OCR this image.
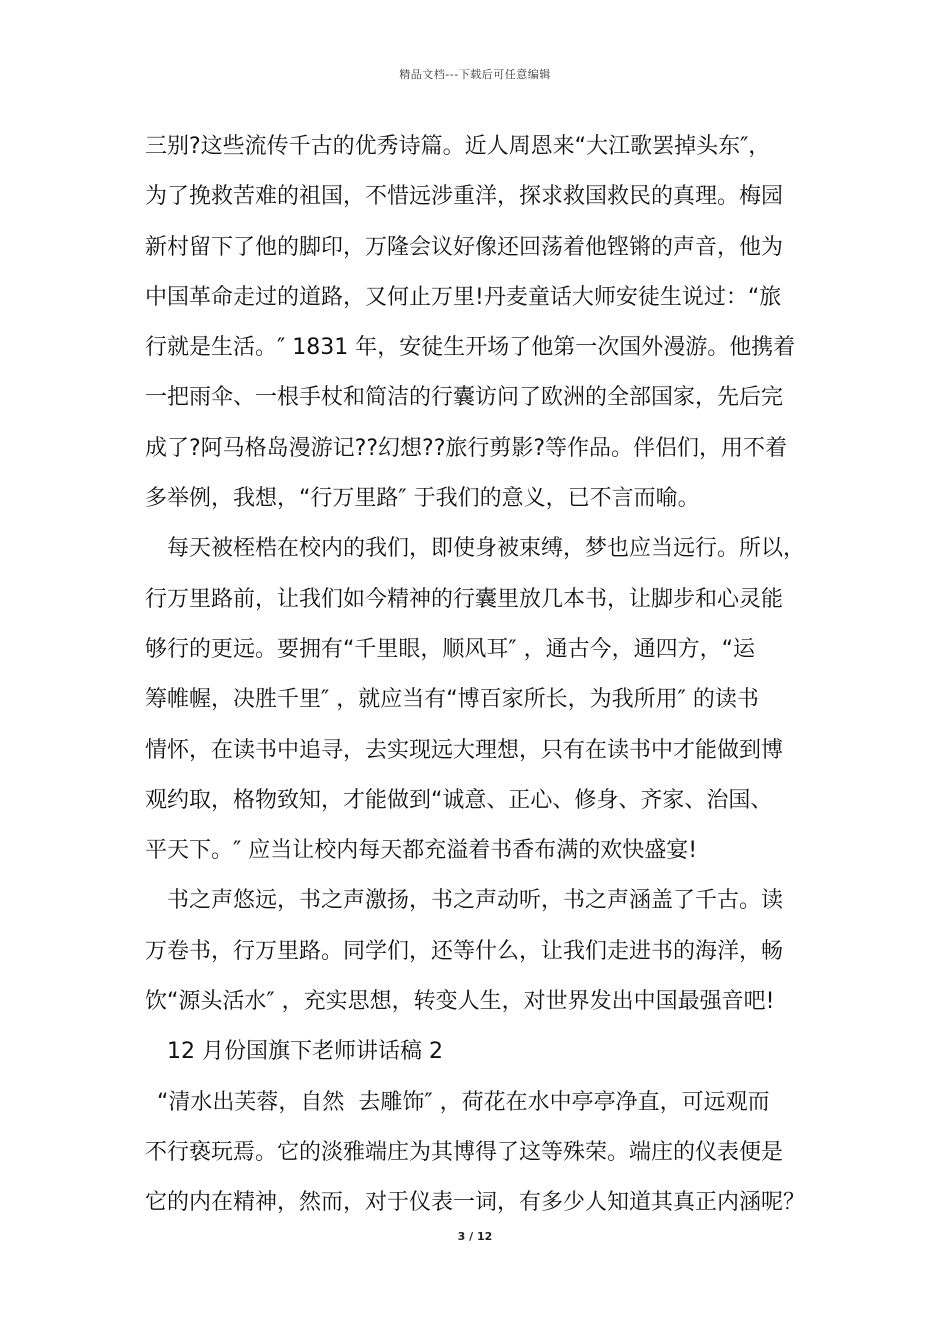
精品文档---下载后可任意编辑
三别?这些流传千古的优秀诗篇。近人周恩来“大江歌罢掉头东″，
为了挽救苦难的祖国，不惜远涉重洋，探求救国救民的真理。梅园
新村留下了他的脚印，万隆会议好像还回荡着他铿锵的声音，他为
中国革命走过的道路，又何止万里!丹麦童话大师安徒生说过：“旅
行就是生活。″ 1831 年，安徒生开场了他第一次国外漫游。他携着
一把雨伞、一根手杖和简洁的行囊访问了欧洲的全部国家，先后完
成了?阿马格岛漫游记??幻想??旅行剪影?等作品。伴侣们，用不着
多举例，我想，“行万里路″ 于我们的意义，已不言而喻。
每天被桎梏在校内的我们，即使身被束缚，梦也应当远行。所以，
行万里路前，让我们如今精神的行囊里放几本书，让脚步和心灵能
够行的更远。要拥有“千里眼，顺风耳″ ，通古今，通四方，“运
筹帷幄，决胜千里″ ，就应当有“博百家所长，为我所用″ 的读书
情怀，在读书中追寻，去实现远大理想，只有在读书中才能做到博
观约取，格物致知，才能做到“诚意、正心、修身、齐家、治国、
平天下。″ 应当让校内每天都充溢着书香布满的欢快盛宴!
书之声悠远，书之声激扬，书之声动听，书之声涵盖了千古。读
万卷书，行万里路。同学们，还等什么，让我们走进书的海洋，畅
饮“源头活水″ ，充实思想，转变人生，对世界发出中国最强音吧!
12 月份国旗下老师讲话稿 2
“清水出芙蓉，自然  去雕饰″ ，荷花在水中亭亭净直，可远观而
不行亵玩焉。它的淡雅端庄为其博得了这等殊荣。端庄的仪表便是
它的内在精神，然而，对于仪表一词，有多少人知道其真正内涵呢？
3 / 12
